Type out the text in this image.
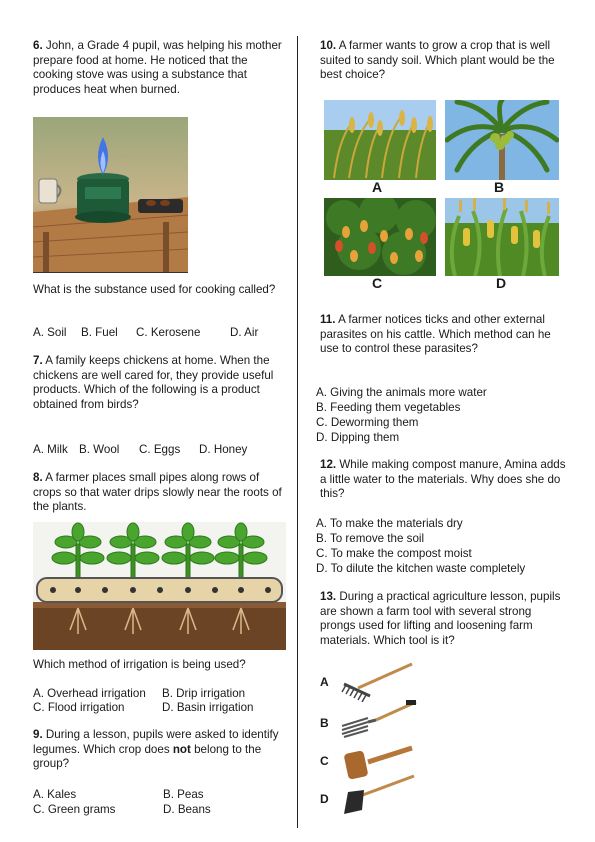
6. John, a Grade 4 pupil, was helping his mother prepare food at home. He noticed that the cooking stove was using a substance that produces heat when burned.
What is the substance used for cooking called?
A. Soil B. Fuel C. Kerosene	D. Air
7. A family keeps chickens at home. When the chickens are well cared for, they provide useful products. Which of the following is a product obtained from birds?
A. Milk B. Wool C. Eggs D. Honey
8. A farmer places small pipes along rows of crops so that water drips slowly near the roots of the plants.
Which method of irrigation is being used?
A. Overhead irrigation B. Drip irrigation
C. Flood irrigation	D. Basin irrigation
9. During a lesson, pupils were asked to identify legumes. Which crop does not belong to the group?
A. Kales	B. Peas
C. Green grams	D. Beans
10. A farmer wants to grow a crop that is well suited to sandy soil. Which plant would be the best choice?
A	B
C	D
11. A farmer notices ticks and other external parasites on his cattle. Which method can he use to control these parasites?
A. Giving the animals more water
B. Feeding them vegetables
C. Deworming them
D. Dipping them
12. While making compost manure, Amina adds a little water to the materials. Why does she do this?
A. To make the materials dry
B. To remove the soil
C. To make the compost moist
D. To dilute the kitchen waste completely
13. During a practical agriculture lesson, pupils are shown a farm tool with several strong prongs used for lifting and loosening farm materials. Which tool is it?
A
B
C
D
